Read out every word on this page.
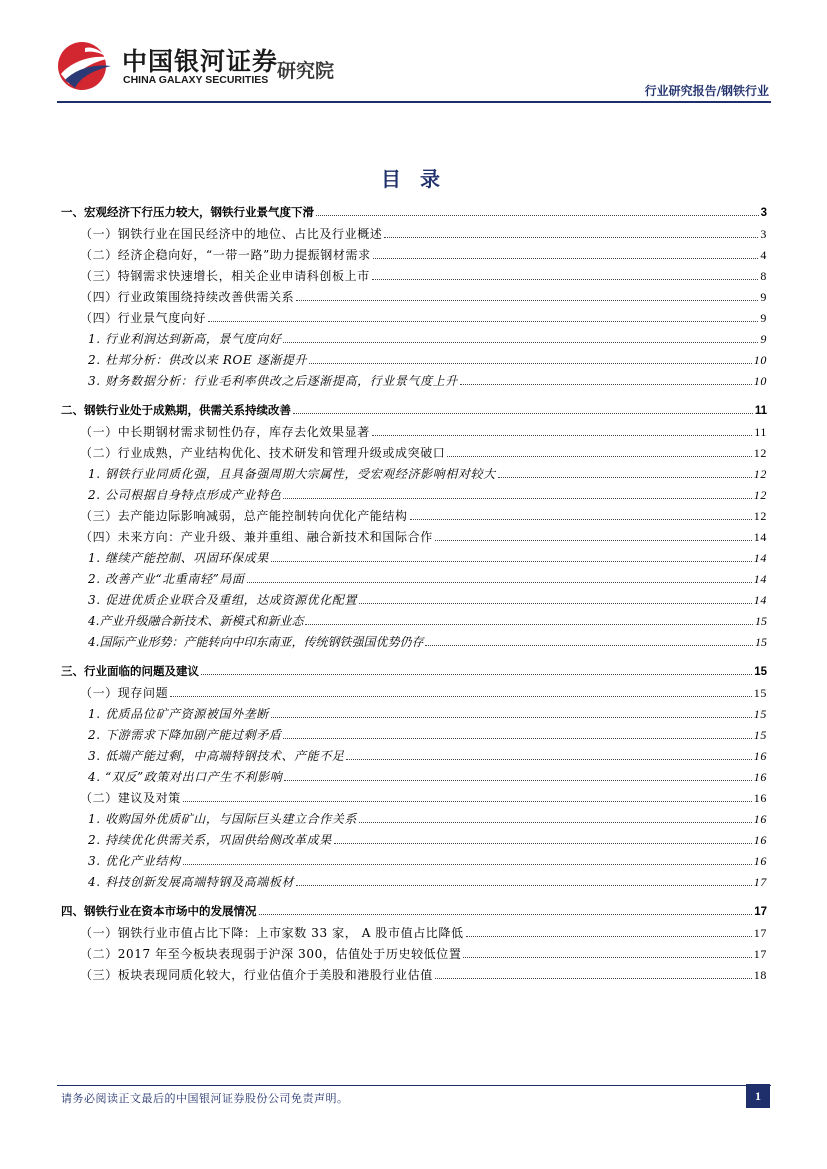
中国银河证券
CHINA GALAXY SECURITIES 研究院
行业研究报告/钢铁行业
目 录
一、宏观经济下行压力较大，钢铁行业景气度下滑	3
（一）钢铁行业在国民经济中的地位、占比及行业概述	3
（二）经济企稳向好，“一带一路”助力提振钢材需求	4
（三）特钢需求快速增长，相关企业申请科创板上市	8
（四）行业政策围绕持续改善供需关系	9
（四）行业景气度向好	9
1. 行业利润达到新高，景气度向好	9
2. 杜邦分析：供改以来 ROE 逐渐提升	10
3. 财务数据分析：行业毛利率供改之后逐渐提高，行业景气度上升	10
二、钢铁行业处于成熟期，供需关系持续改善	11
（一）中长期钢材需求韧性仍存，库存去化效果显著	11
（二）行业成熟，产业结构优化、技术研发和管理升级或成突破口	12
1. 钢铁行业同质化强，且具备强周期大宗属性，受宏观经济影响相对较大	12
2. 公司根据自身特点形成产业特色	12
（三）去产能边际影响减弱，总产能控制转向优化产能结构	12
（四）未来方向：产业升级、兼并重组、融合新技术和国际合作	14
1. 继续产能控制、巩固环保成果	14
2. 改善产业“北重南轻”局面	14
3. 促进优质企业联合及重组，达成资源优化配置	14
4.产业升级融合新技术、新模式和新业态	15
4.国际产业形势：产能转向中印东南亚，传统钢铁强国优势仍存	15
三、行业面临的问题及建议	15
（一）现存问题	15
1. 优质品位矿产资源被国外垄断	15
2. 下游需求下降加剧产能过剩矛盾	15
3. 低端产能过剩，中高端特钢技术、产能不足	16
4. “双反”政策对出口产生不利影响	16
（二）建议及对策	16
1. 收购国外优质矿山，与国际巨头建立合作关系	16
2. 持续优化供需关系，巩固供给侧改革成果	16
3. 优化产业结构	16
4. 科技创新发展高端特钢及高端板材	17
四、钢铁行业在资本市场中的发展情况	17
（一）钢铁行业市值占比下降：上市家数 33 家， A 股市值占比降低	17
（二）2017 年至今板块表现弱于沪深 300，估值处于历史较低位置	17
（三）板块表现同质化较大，行业估值介于美股和港股行业估值	18
请务必阅读正文最后的中国银河证券股份公司免责声明。	1
